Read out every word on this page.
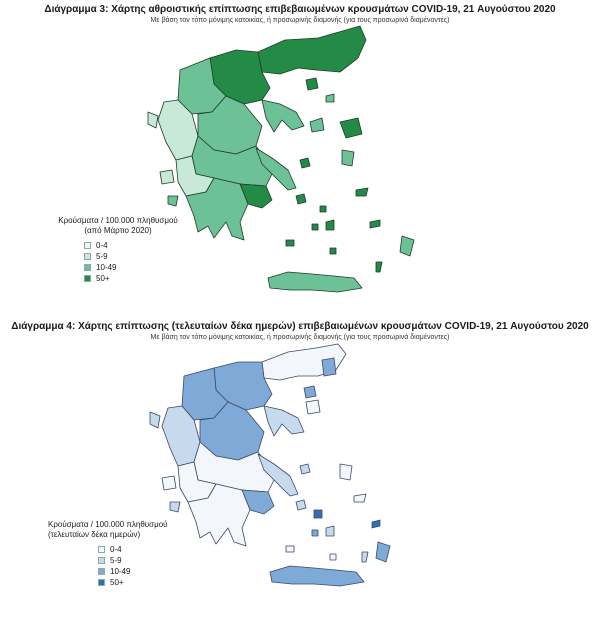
Διάγραμμα 3: Χάρτης αθροιστικής επίπτωσης επιβεβαιωμένων κρουσμάτων COVID-19, 21 Αυγούστου 2020
Με βάση τον τόπο μόνιμης κατοικίας, ή προσωρινής διαμονής (για τους προσωρινά διαμένοντες)
Κρούσματα / 100.000 πληθυσμού
(από Μάρτιο 2020)
0-4
5-9
10-49
50+
Διάγραμμα 4: Χάρτης επίπτωσης (τελευταίων δέκα ημερών) επιβεβαιωμένων κρουσμάτων COVID-19, 21 Αυγούστου 2020
Με βάση τον τόπο μόνιμης κατοικίας, ή προσωρινής διαμονής (για τους προσωρινά διαμένοντες)
Κρούσματα / 100.000 πληθυσμού
(τελευταίων δέκα ημερών)
0-4
5-9
10-49
50+
